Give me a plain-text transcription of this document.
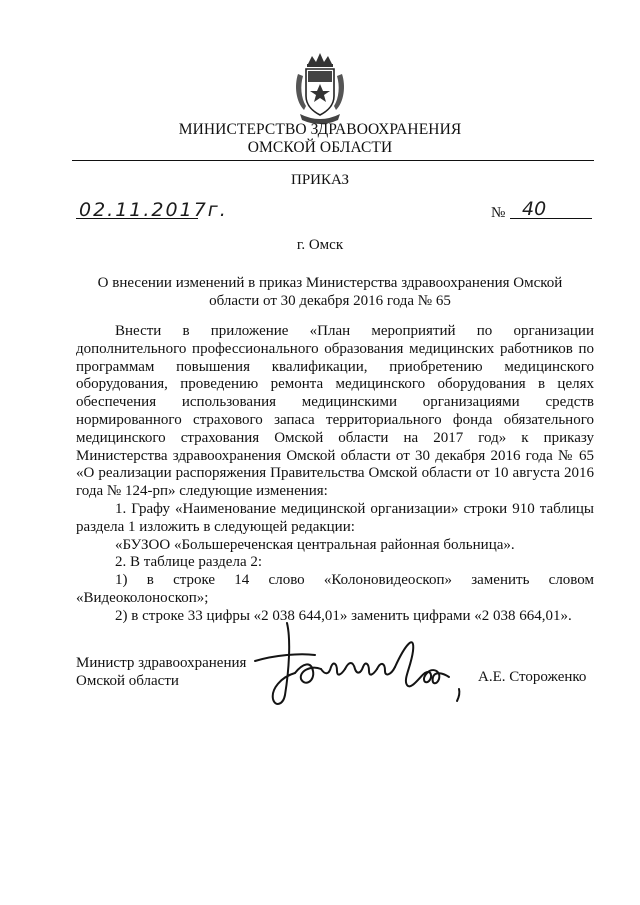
МИНИСТЕРСТВО ЗДРАВООХРАНЕНИЯ
ОМСКОЙ ОБЛАСТИ
ПРИКАЗ
02.11.2017г.	№ 40
г. Омск
О внесении изменений в приказ Министерства здравоохранения Омской
области от 30 декабря 2016 года № 65

Внести в приложение «План мероприятий по организации дополнительного профессионального образования медицинских работников по программам повышения квалификации, приобретению медицинского оборудования, проведению ремонта медицинского оборудования в целях обеспечения использования медицинскими организациями средств нормированного страхового запаса территориального фонда обязательного медицинского страхования Омской области на 2017 год» к приказу Министерства здравоохранения Омской области от 30 декабря 2016 года № 65 «О реализации распоряжения Правительства Омской области от 10 августа 2016 года № 124-рп» следующие изменения:

1. Графу «Наименование медицинской организации» строки 910 таблицы раздела 1 изложить в следующей редакции:

«БУЗОО «Большереченская центральная районная больница».

2. В таблице раздела 2:

1) в строке 14 слово «Колоновидеоскоп» заменить словом «Видеоколоноскоп»;

2) в строке 33 цифры «2 038 644,01» заменить цифрами «2 038 664,01».

Министр здравоохранения
Омской области	А.Е. Стороженко
